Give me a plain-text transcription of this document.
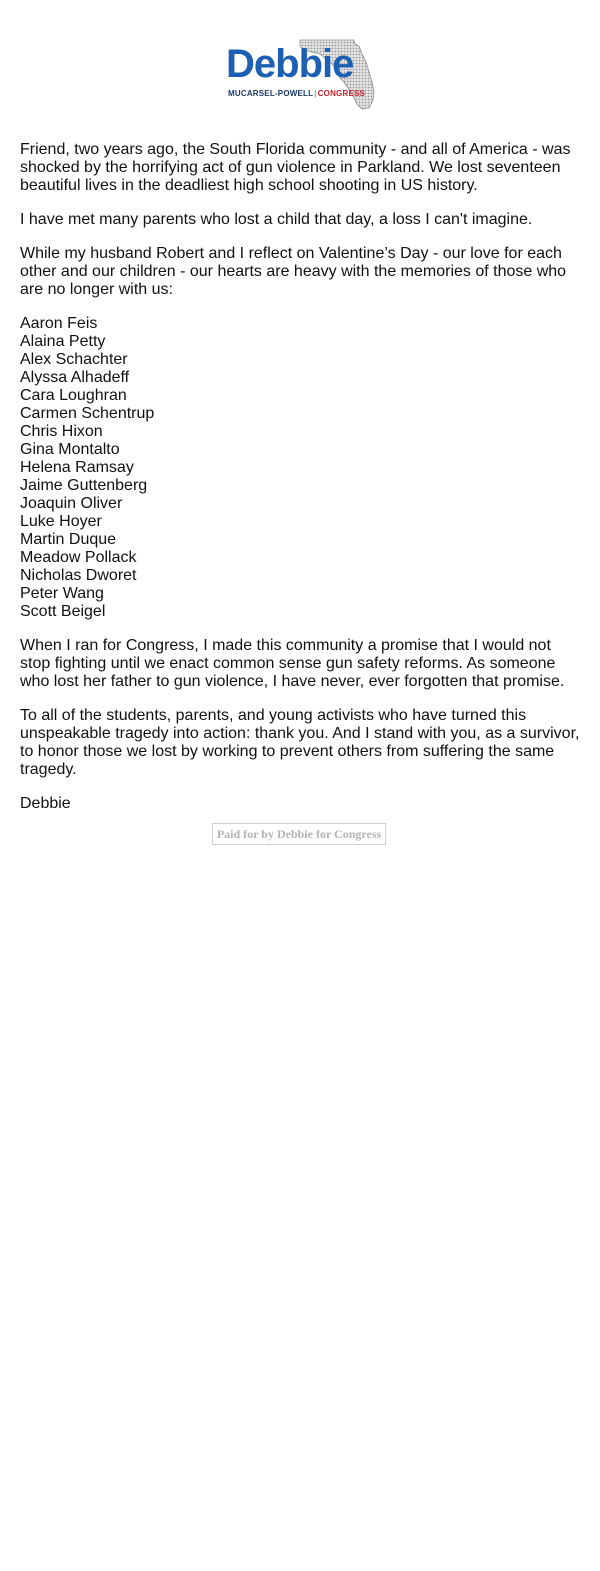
Debbie
MUCARSEL-POWELL|CONGRESS

Friend, two years ago, the South Florida community - and all of America - was shocked by the horrifying act of gun violence in Parkland. We lost seventeen beautiful lives in the deadliest high school shooting in US history.

I have met many parents who lost a child that day, a loss I can't imagine.

While my husband Robert and I reflect on Valentine’s Day - our love for each other and our children - our hearts are heavy with the memories of those who are no longer with us:

Aaron Feis
Alaina Petty
Alex Schachter
Alyssa Alhadeff
Cara Loughran
Carmen Schentrup
Chris Hixon
Gina Montalto
Helena Ramsay
Jaime Guttenberg
Joaquin Oliver
Luke Hoyer
Martin Duque
Meadow Pollack
Nicholas Dworet
Peter Wang
Scott Beigel

When I ran for Congress, I made this community a promise that I would not stop fighting until we enact common sense gun safety reforms. As someone who lost her father to gun violence, I have never, ever forgotten that promise.

To all of the students, parents, and young activists who have turned this unspeakable tragedy into action: thank you. And I stand with you, as a survivor, to honor those we lost by working to prevent others from suffering the same tragedy.

Debbie

Paid for by Debbie for Congress
